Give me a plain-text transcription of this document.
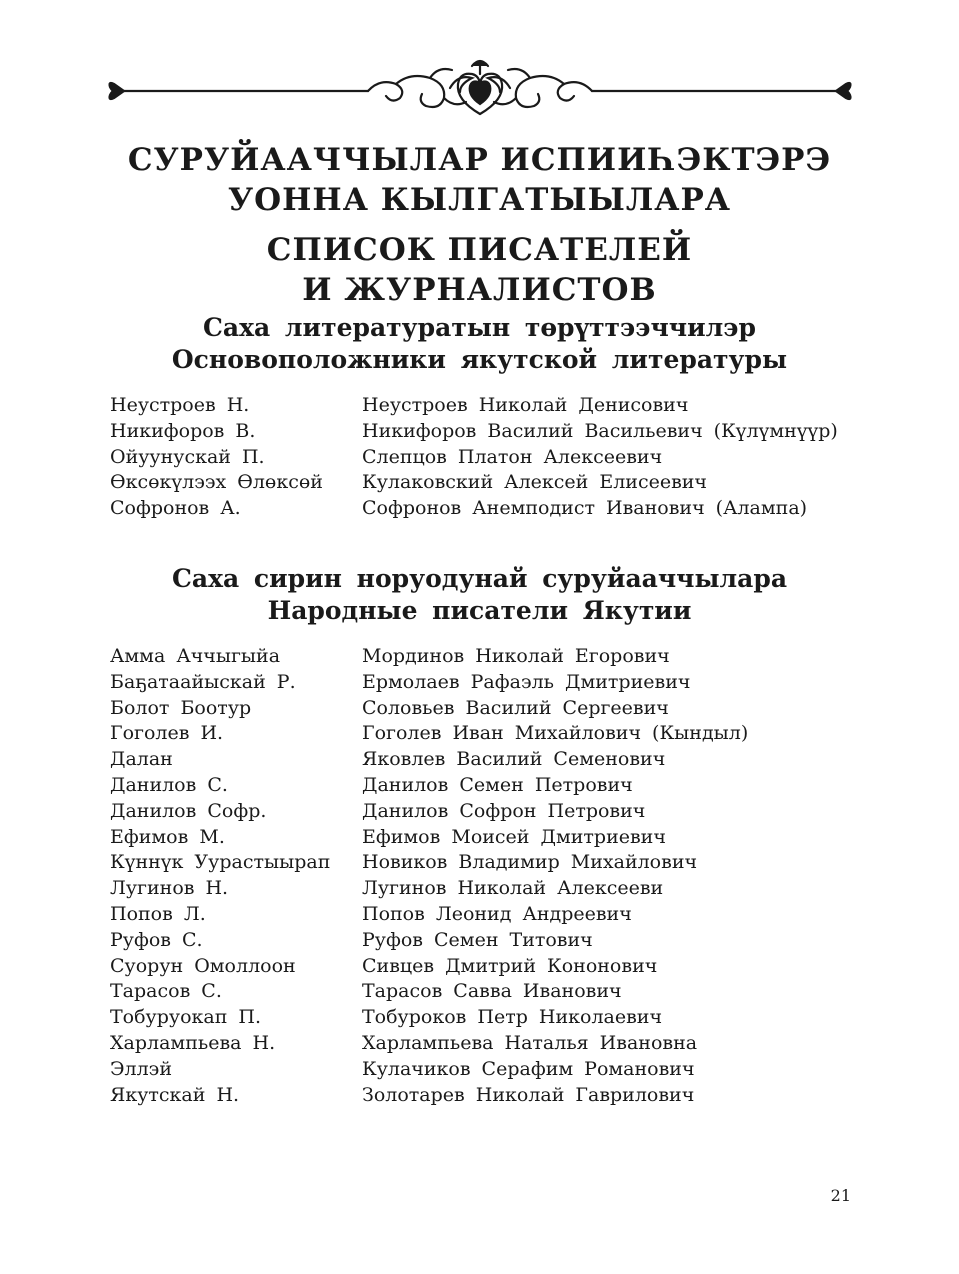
СУРУЙААЧЧЫЛАР ИСПИИҺЭКТЭРЭ
УОННА КЫЛГАТЫЫЛАРА
СПИСОК ПИСАТЕЛЕЙ
И ЖУРНАЛИСТОВ
Саха литературатын төрүттээччилэр
Основоположники якутской литературы
Неустроев Н.	Неустроев Николай Денисович
Никифоров В.	Никифоров Василий Васильевич (Күлүмнүүр)
Ойуунускай П.	Слепцов Платон Алексеевич
Өксөкүлээх Өлөксөй	Кулаковский Алексей Елисеевич
Софронов А.	Софронов Анемподист Иванович (Алампа)
Саха сирин норуодунай суруйааччылара
Народные писатели Якутии
Амма Аччыгыйа	Мординов Николай Егорович
Баҕатаайыскай Р.	Ермолаев Рафаэль Дмитриевич
Болот Боотур	Соловьев Василий Сергеевич
Гоголев И.	Гоголев Иван Михайлович (Кындыл)
Далан	Яковлев Василий Семенович
Данилов С.	Данилов Семен Петрович
Данилов Софр.	Данилов Софрон Петрович
Ефимов М.	Ефимов Моисей Дмитриевич
Күннүк Уурастыырап	Новиков Владимир Михайлович
Лугинов Н.	Лугинов Николай Алексееви
Попов Л.	Попов Леонид Андреевич
Руфов С.	Руфов Семен Титович
Суорун Омоллоон	Сивцев Дмитрий Кононович
Тарасов С.	Тарасов Савва Иванович
Тобуруокап П.	Тобуроков Петр Николаевич
Харлампьева Н.	Харлампьева Наталья Ивановна
Эллэй	Кулачиков Серафим Романович
Якутскай Н.	Золотарев Николай Гаврилович
21
